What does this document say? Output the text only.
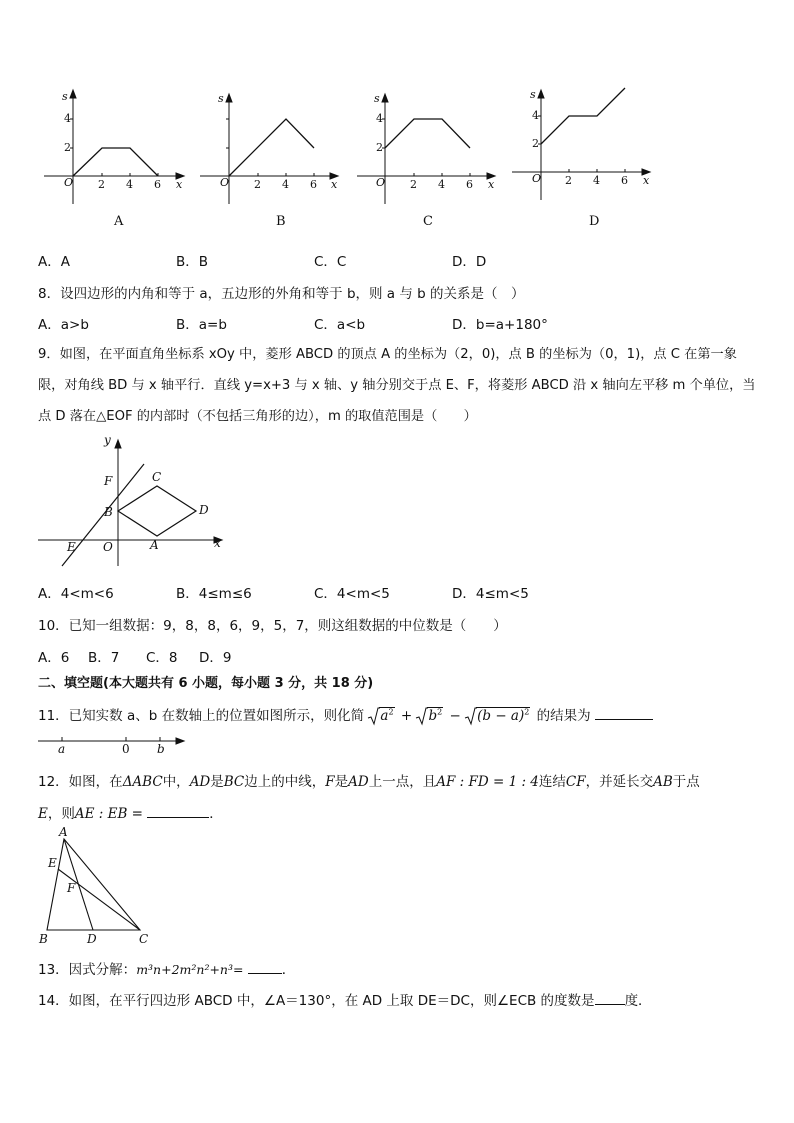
s
4
2
O 2 4 6 x
A
s
O 2 4 6 x
B
s
4
2
O 2 4 6 x
C
s
4
2
O 2 4 6 x
D
A．A	B．B	C．C	D．D
8．设四边形的内角和等于 a，五边形的外角和等于 b，则 a 与 b 的关系是（　）
A．a>b	B．a=b	C．a<b	D．b=a+180°
9．如图，在平面直角坐标系 xOy 中，菱形 ABCD 的顶点 A 的坐标为（2，0)，点 B 的坐标为（0，1)，点 C 在第一象
限，对角线 BD 与 x 轴平行．直线 y=x+3 与 x 轴、y 轴分别交于点 E、F，将菱形 ABCD 沿 x 轴向左平移 m 个单位，当
点 D 落在△EOF 的内部时（不包括三角形的边），m 的取值范围是（　　）
y
F	C
B	D
E O	A	x
A．4<m<6	B．4≤m≤6	C．4<m<5	D．4≤m<5
10．已知一组数据：9，8，8，6，9，5，7，则这组数据的中位数是（　　）
A．6 B．7 C．8 D．9
二、填空题(本大题共有 6 小题，每小题 3 分，共 18 分)
11．已知实数 a、b 在数轴上的位置如图所示，则化简 $a^2 + b^2 - (b - a)^2$ 的结果为
a	0 b
12．如图，在ΔABC中，AD是BC边上的中线，F是AD上一点，且AF : FD = 1 : 4连结CF，并延长交AB于点
E，则AE : EB =	．
A
E
F
B	D	C
13．因式分解：m³n+2m²n²+n³=	．
14．如图，在平行四边形 ABCD 中，∠A＝130°，在 AD 上取 DE＝DC，则∠ECB 的度数是 度．
